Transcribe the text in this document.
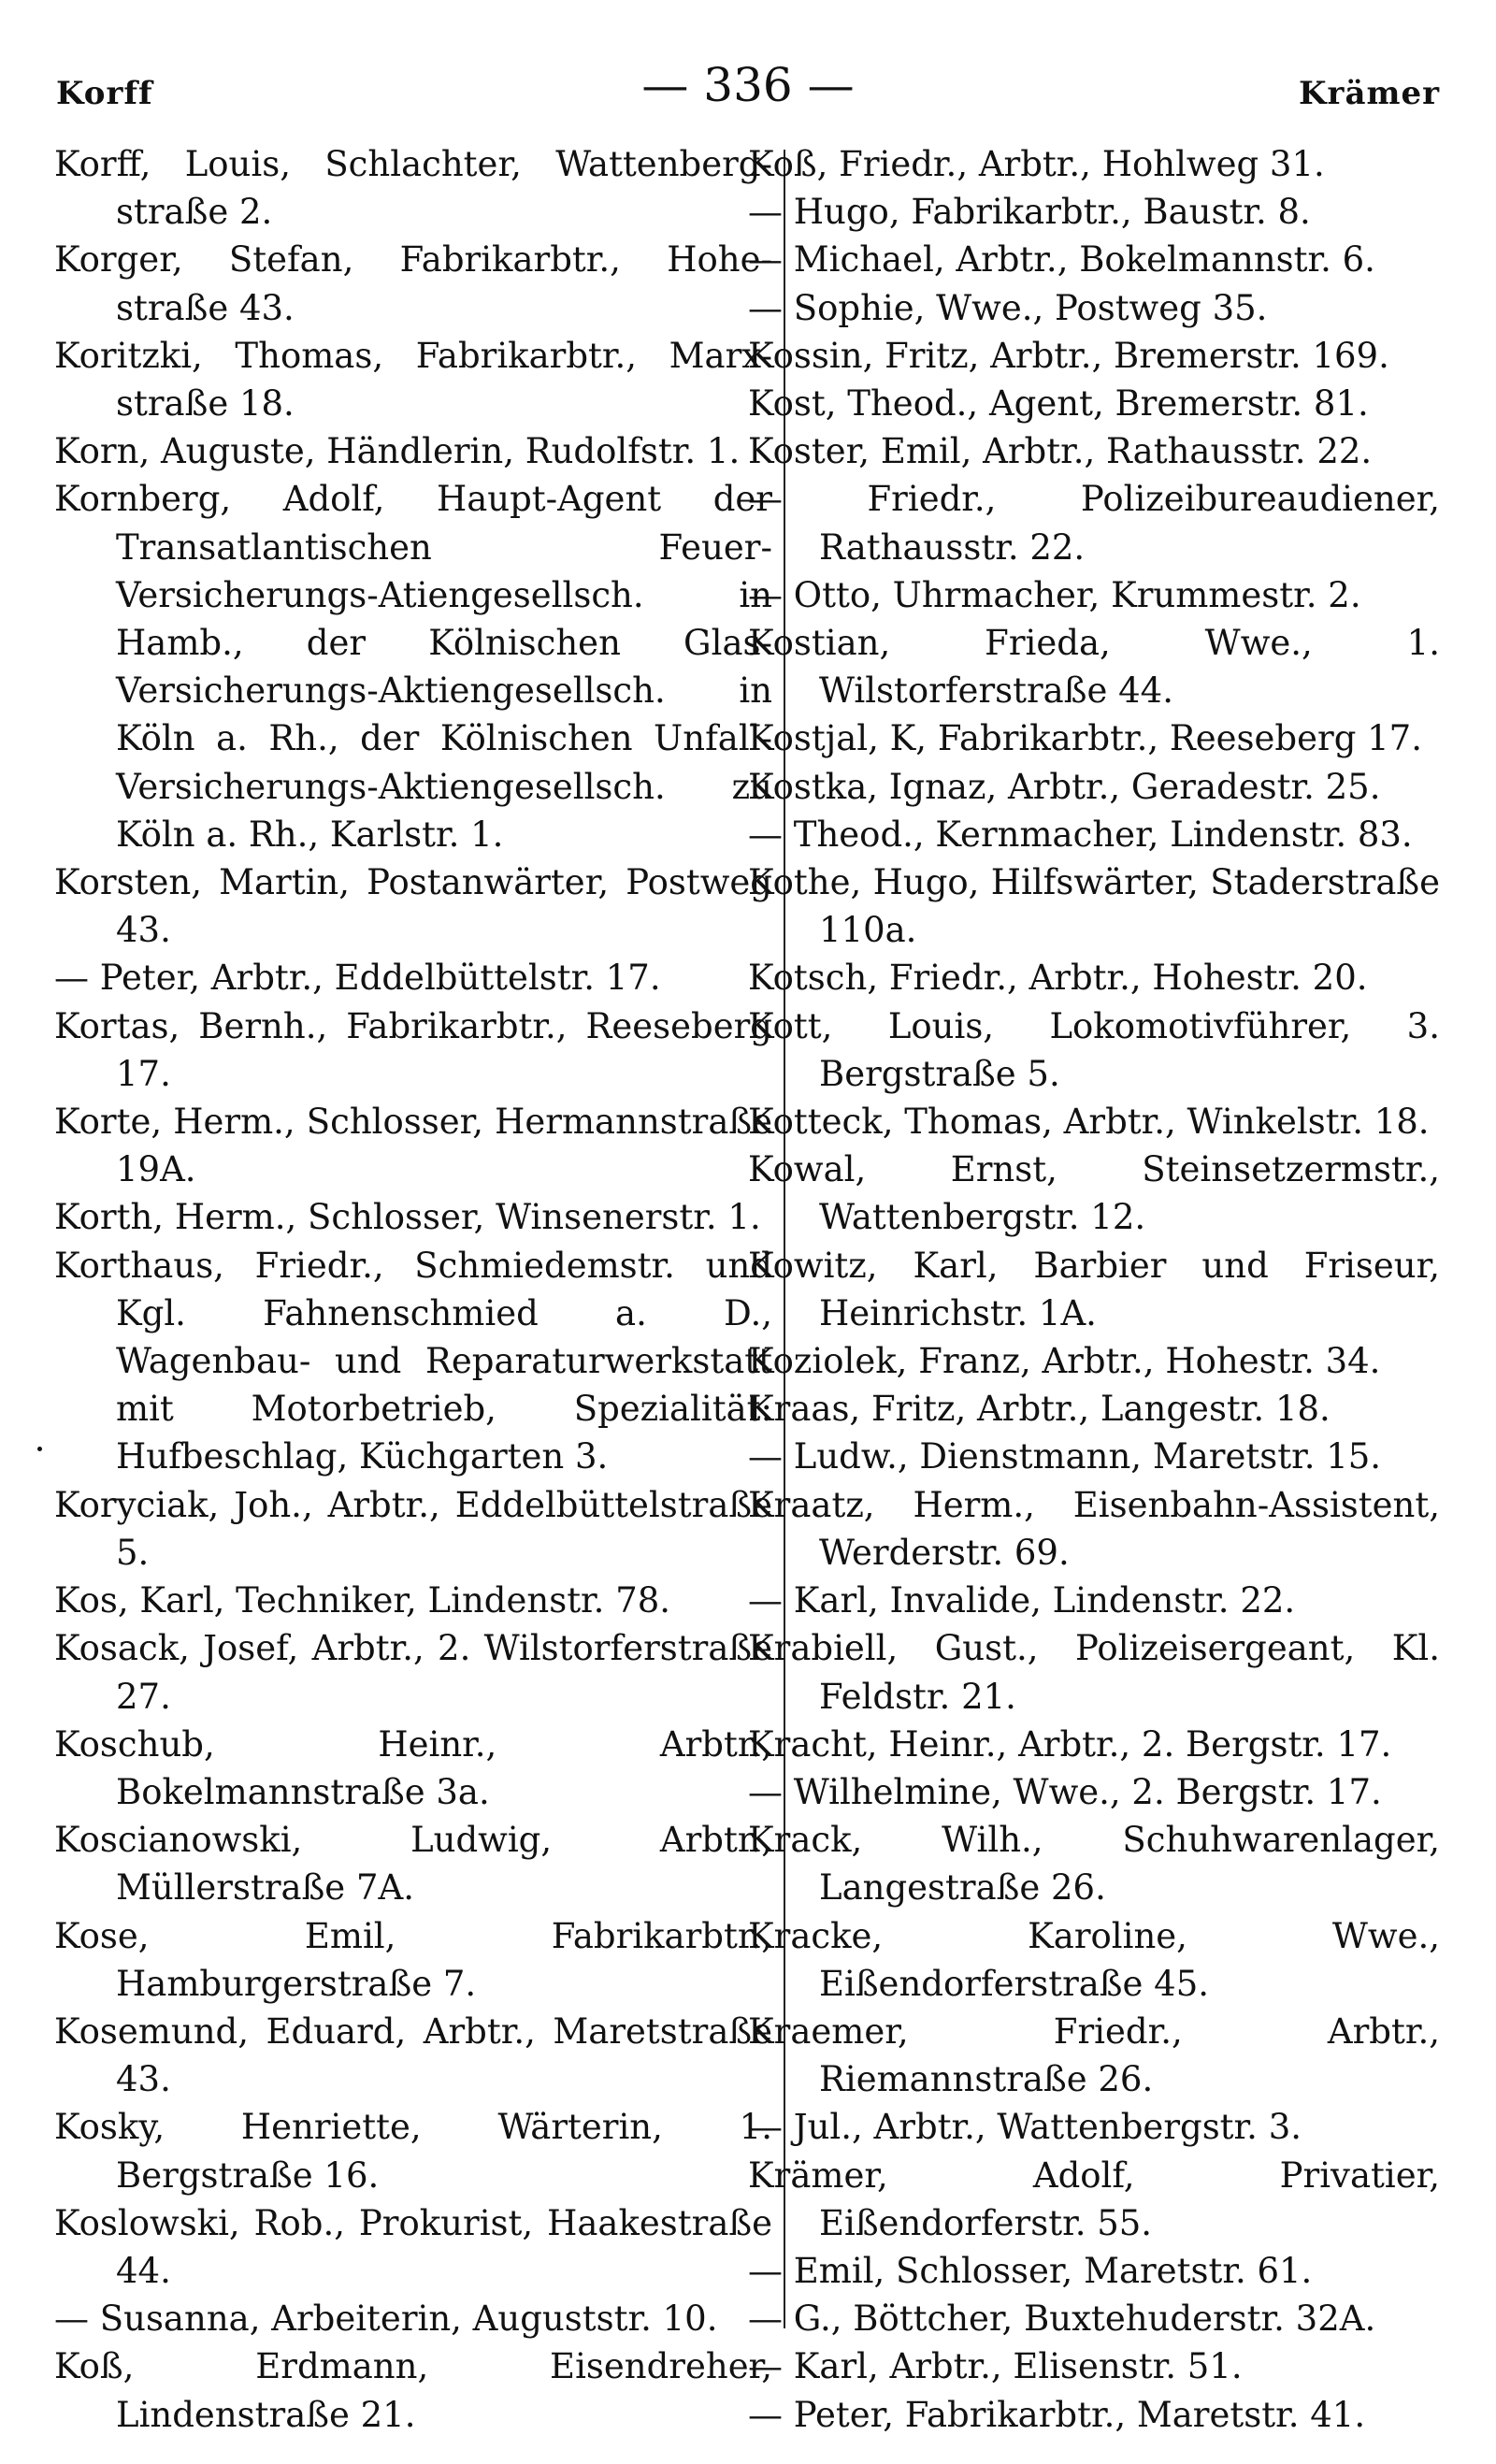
Korff	— 336 —	Krämer
Korff, Louis, Schlachter, Wattenberg-straße 2.
Korger, Stefan, Fabrikarbtr., Hohe-straße 43.
Koritzki, Thomas, Fabrikarbtr., Marx-straße 18.
Korn, Auguste, Händlerin, Rudolfstr. 1.
Kornberg, Adolf, Haupt-Agent der Transatlantischen Feuer-Versicherungs-Atiengesellsch. in Hamb., der Kölnischen Glas-Versicherungs-Aktiengesellsch. in Köln a. Rh., der Kölnischen Unfall-Versicherungs-Aktiengesellsch. zu Köln a. Rh., Karlstr. 1.
Korsten, Martin, Postanwärter, Postweg 43.
— Peter, Arbtr., Eddelbüttelstr. 17.
Kortas, Bernh., Fabrikarbtr., Reeseberg 17.
Korte, Herm., Schlosser, Hermannstraße 19A.
Korth, Herm., Schlosser, Winsenerstr. 1.
Korthaus, Friedr., Schmiedemstr. und Kgl. Fahnenschmied a. D., Wagenbau- und Reparaturwerkstatt mit Motorbetrieb, Spezialität: Hufbeschlag, Küchgarten 3.
Koryciak, Joh., Arbtr., Eddelbüttelstraße 5.
Kos, Karl, Techniker, Lindenstr. 78.
Kosack, Josef, Arbtr., 2. Wilstorferstraße 27.
Koschub, Heinr., Arbtr., Bokelmannstraße 3a.
Koscianowski, Ludwig, Arbtr., Müllerstraße 7A.
Kose, Emil, Fabrikarbtr., Hamburgerstraße 7.
Kosemund, Eduard, Arbtr., Maretstraße 43.
Kosky, Henriette, Wärterin, 1. Bergstraße 16.
Koslowski, Rob., Prokurist, Haakestraße 44.
— Susanna, Arbeiterin, Auguststr. 10.
Koß, Erdmann, Eisendreher, Lindenstraße 21.
Koß, Friedr., Arbtr., Hohlweg 31.
— Hugo, Fabrikarbtr., Baustr. 8.
— Michael, Arbtr., Bokelmannstr. 6.
— Sophie, Wwe., Postweg 35.
Kossin, Fritz, Arbtr., Bremerstr. 169.
Kost, Theod., Agent, Bremerstr. 81.
Koster, Emil, Arbtr., Rathausstr. 22.
— Friedr., Polizeibureaudiener, Rathausstr. 22.
— Otto, Uhrmacher, Krummestr. 2.
Kostian, Frieda, Wwe., 1. Wilstorferstraße 44.
Kostjal, K, Fabrikarbtr., Reeseberg 17.
Kostka, Ignaz, Arbtr., Geradestr. 25.
— Theod., Kernmacher, Lindenstr. 83.
Kothe, Hugo, Hilfswärter, Staderstraße 110a.
Kotsch, Friedr., Arbtr., Hohestr. 20.
Kott, Louis, Lokomotivführer, 3. Bergstraße 5.
Kotteck, Thomas, Arbtr., Winkelstr. 18.
Kowal, Ernst, Steinsetzermstr., Wattenbergstr. 12.
Kowitz, Karl, Barbier und Friseur, Heinrichstr. 1A.
Koziolek, Franz, Arbtr., Hohestr. 34.
Kraas, Fritz, Arbtr., Langestr. 18.
— Ludw., Dienstmann, Maretstr. 15.
Kraatz, Herm., Eisenbahn-Assistent, Werderstr. 69.
— Karl, Invalide, Lindenstr. 22.
Krabiell, Gust., Polizeisergeant, Kl. Feldstr. 21.
Kracht, Heinr., Arbtr., 2. Bergstr. 17.
— Wilhelmine, Wwe., 2. Bergstr. 17.
Krack, Wilh., Schuhwarenlager, Langestraße 26.
Kracke, Karoline, Wwe., Eißendorferstraße 45.
Kraemer, Friedr., Arbtr., Riemannstraße 26.
— Jul., Arbtr., Wattenbergstr. 3.
Krämer, Adolf, Privatier, Eißendorferstr. 55.
— Emil, Schlosser, Maretstr. 61.
— G., Böttcher, Buxtehuderstr. 32A.
— Karl, Arbtr., Elisenstr. 51.
— Peter, Fabrikarbtr., Maretstr. 41.
